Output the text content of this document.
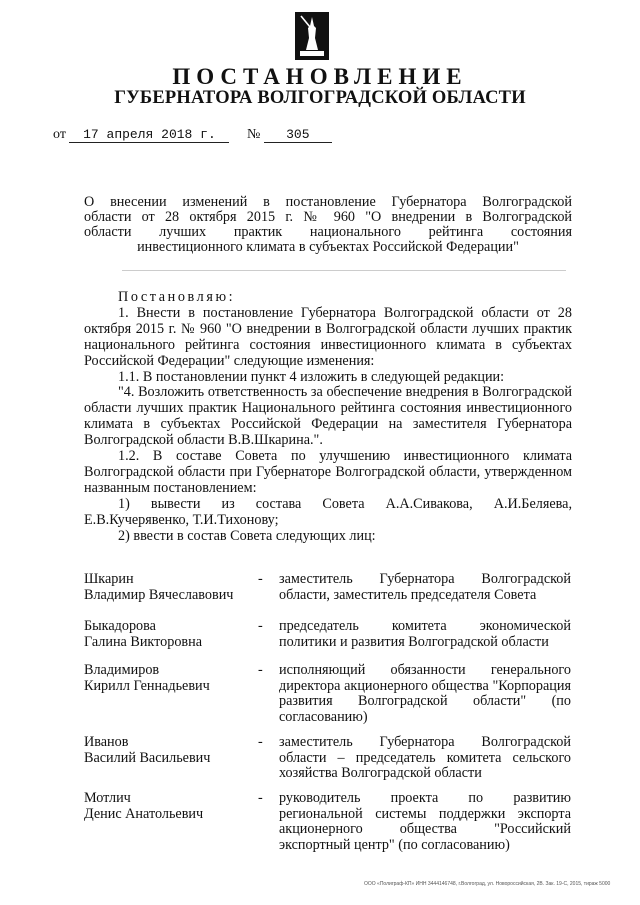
ПОСТАНОВЛЕНИЕ
ГУБЕРНАТОРА ВОЛГОГРАДСКОЙ ОБЛАСТИ
от 17 апреля 2018 г. № 305
О внесении изменений в постановление Губернатора Волгоградской
области от 28 октября 2015 г. № 960 "О внедрении в Волгоградской
области лучших практик национального рейтинга состояния
инвестиционного климата в субъектах Российской Федерации"

Постановляю:

1. Внести в постановление Губернатора Волгоградской области от 28 октября 2015 г. № 960 "О внедрении в Волгоградской области лучших практик национального рейтинга состояния инвестиционного климата в субъектах Российской Федерации" следующие изменения:

1.1. В постановлении пункт 4 изложить в следующей редакции:

"4. Возложить ответственность за обеспечение внедрения в Волгоградской области лучших практик Национального рейтинга состояния инвестиционного климата в субъектах Российской Федерации на заместителя Губернатора Волгоградской области В.В.Шкарина.".

1.2. В составе Совета по улучшению инвестиционного климата Волгоградской области при Губернаторе Волгоградской области, утвержденном названным постановлением:

1) вывести из состава Совета А.А.Сивакова, А.И.Беляева, Е.В.Кучерявенко, Т.И.Тихонову;

2) ввести в состав Совета следующих лиц:

Шкарин
Владимир Вячеславович
-	заместитель Губернатора Волгоградской области, заместитель председателя Совета
Быкадорова
Галина Викторовна
-	председатель комитета экономической политики и развития Волгоградской области
Владимиров
Кирилл Геннадьевич
-	исполняющий обязанности генерального директора акционерного общества "Корпорация развития Волгоградской области" (по согласованию)
Иванов
Василий Васильевич
-	заместитель Губернатора Волгоградской области – председатель комитета сельского хозяйства Волгоградской области
Мотлич
Денис Анатольевич
-	руководитель проекта по развитию региональной системы поддержки экспорта акционерного общества "Российский экспортный центр" (по согласованию)
ООО «Полиграф-КП» ИНН 3444146748, г.Волгоград, ул. Новороссийская, 2В. Зак. 19-С, 2015, тираж 5000
